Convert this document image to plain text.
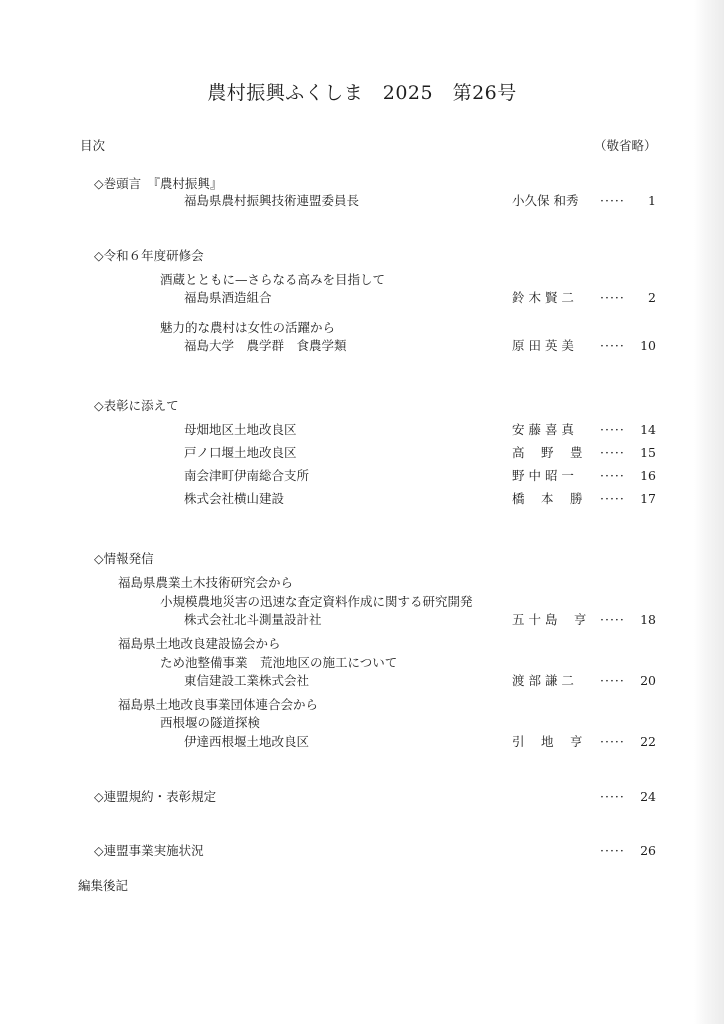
農村振興ふくしま　2025　第26号
目次	（敬省略）
◇巻頭言　『農村振興』
福島県農村振興技術連盟委員長	小久保 和秀 ·····	1
◇令和６年度研修会
酒蔵とともに—さらなる高みを目指して
福島県酒造組合	鈴 木 賢 二 ·····	2
魅力的な農村は女性の活躍から
福島大学　農学群　食農学類	原 田 英 美 ····· 10
◇表彰に添えて
母畑地区土地改良区	安 藤 喜 真 ····· 14
戸ノ口堰土地改良区	高　 野　 豊 ····· 15
南会津町伊南総合支所	野 中 昭 一 ····· 16
株式会社横山建設	橋　 本　 勝 ····· 17
◇情報発信
福島県農業土木技術研究会から
小規模農地災害の迅速な査定資料作成に関する研究開発
株式会社北斗測量設計社	五 十 島　 亨 ····· 18
福島県土地改良建設協会から
ため池整備事業　荒池地区の施工について
東信建設工業株式会社	渡 部 謙 二 ····· 20
福島県土地改良事業団体連合会から
西根堰の隧道探検
伊達西根堰土地改良区	引　 地　 亨 ····· 22
◇連盟規約・表彰規定	····· 24
◇連盟事業実施状況	····· 26
編集後記
